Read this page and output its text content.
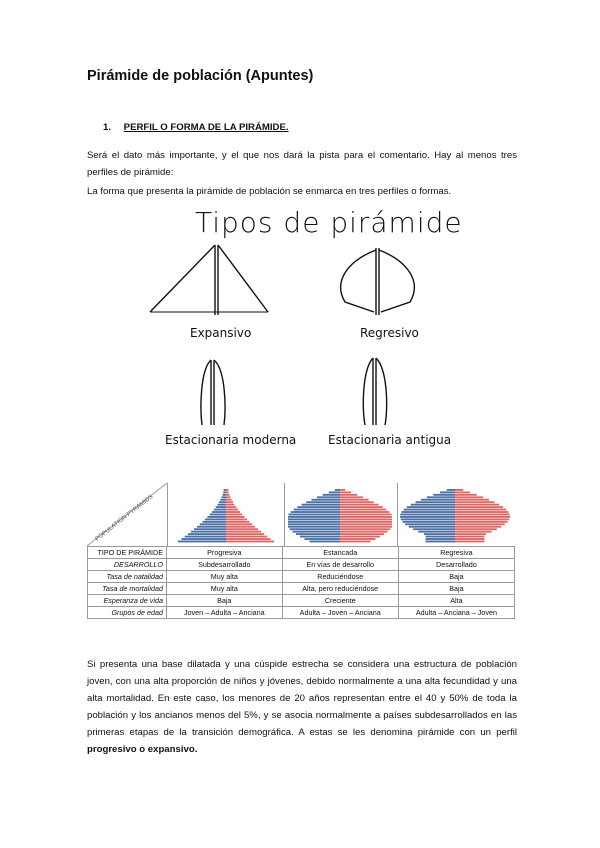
Pirámide de población (Apuntes)
1. PERFIL O FORMA DE LA PIRÁMIDE.
Será el dato más importante, y el que nos dará la pista para el comentario. Hay al menos tres perfiles de pirámide:
La forma que presenta la pirámide de población se enmarca en tres perfiles o formas.
Tipos de pirámide
Expansivo	Regresivo
Estacionaria moderna	Estacionaria antigua
POPULATION PYRAMIDS
TIPO DE PIRÁMIDE	Progresiva	Estancada	Regresiva
DESARROLLO	Subdesarrollado	En vías de desarrollo	Desarrollado
Tasa de natalidad	Muy alta	Reduciéndose	Baja
Tasa de mortalidad	Muy alta	Alta, pero reduciéndose	Baja
Esperanza de vida	Baja	Creciente	Alta
Grupos de edad	Joven – Adulta – Anciana	Adulta – Joven – Anciana	Adulta – Anciana – Joven
Si presenta una base dilatada y una cúspide estrecha se considera una estructura de población joven, con una alta proporción de niños y jóvenes, debido normalmente a una alta fecundidad y una alta mortalidad. En este caso, los menores de 20 años representan entre el 40 y 50% de toda la población y los ancianos menos del 5%, y se asocia normalmente a países subdesarrollados en las primeras etapas de la transición demográfica. A estas se les denomina pirámide con un perfil progresivo o expansivo.
